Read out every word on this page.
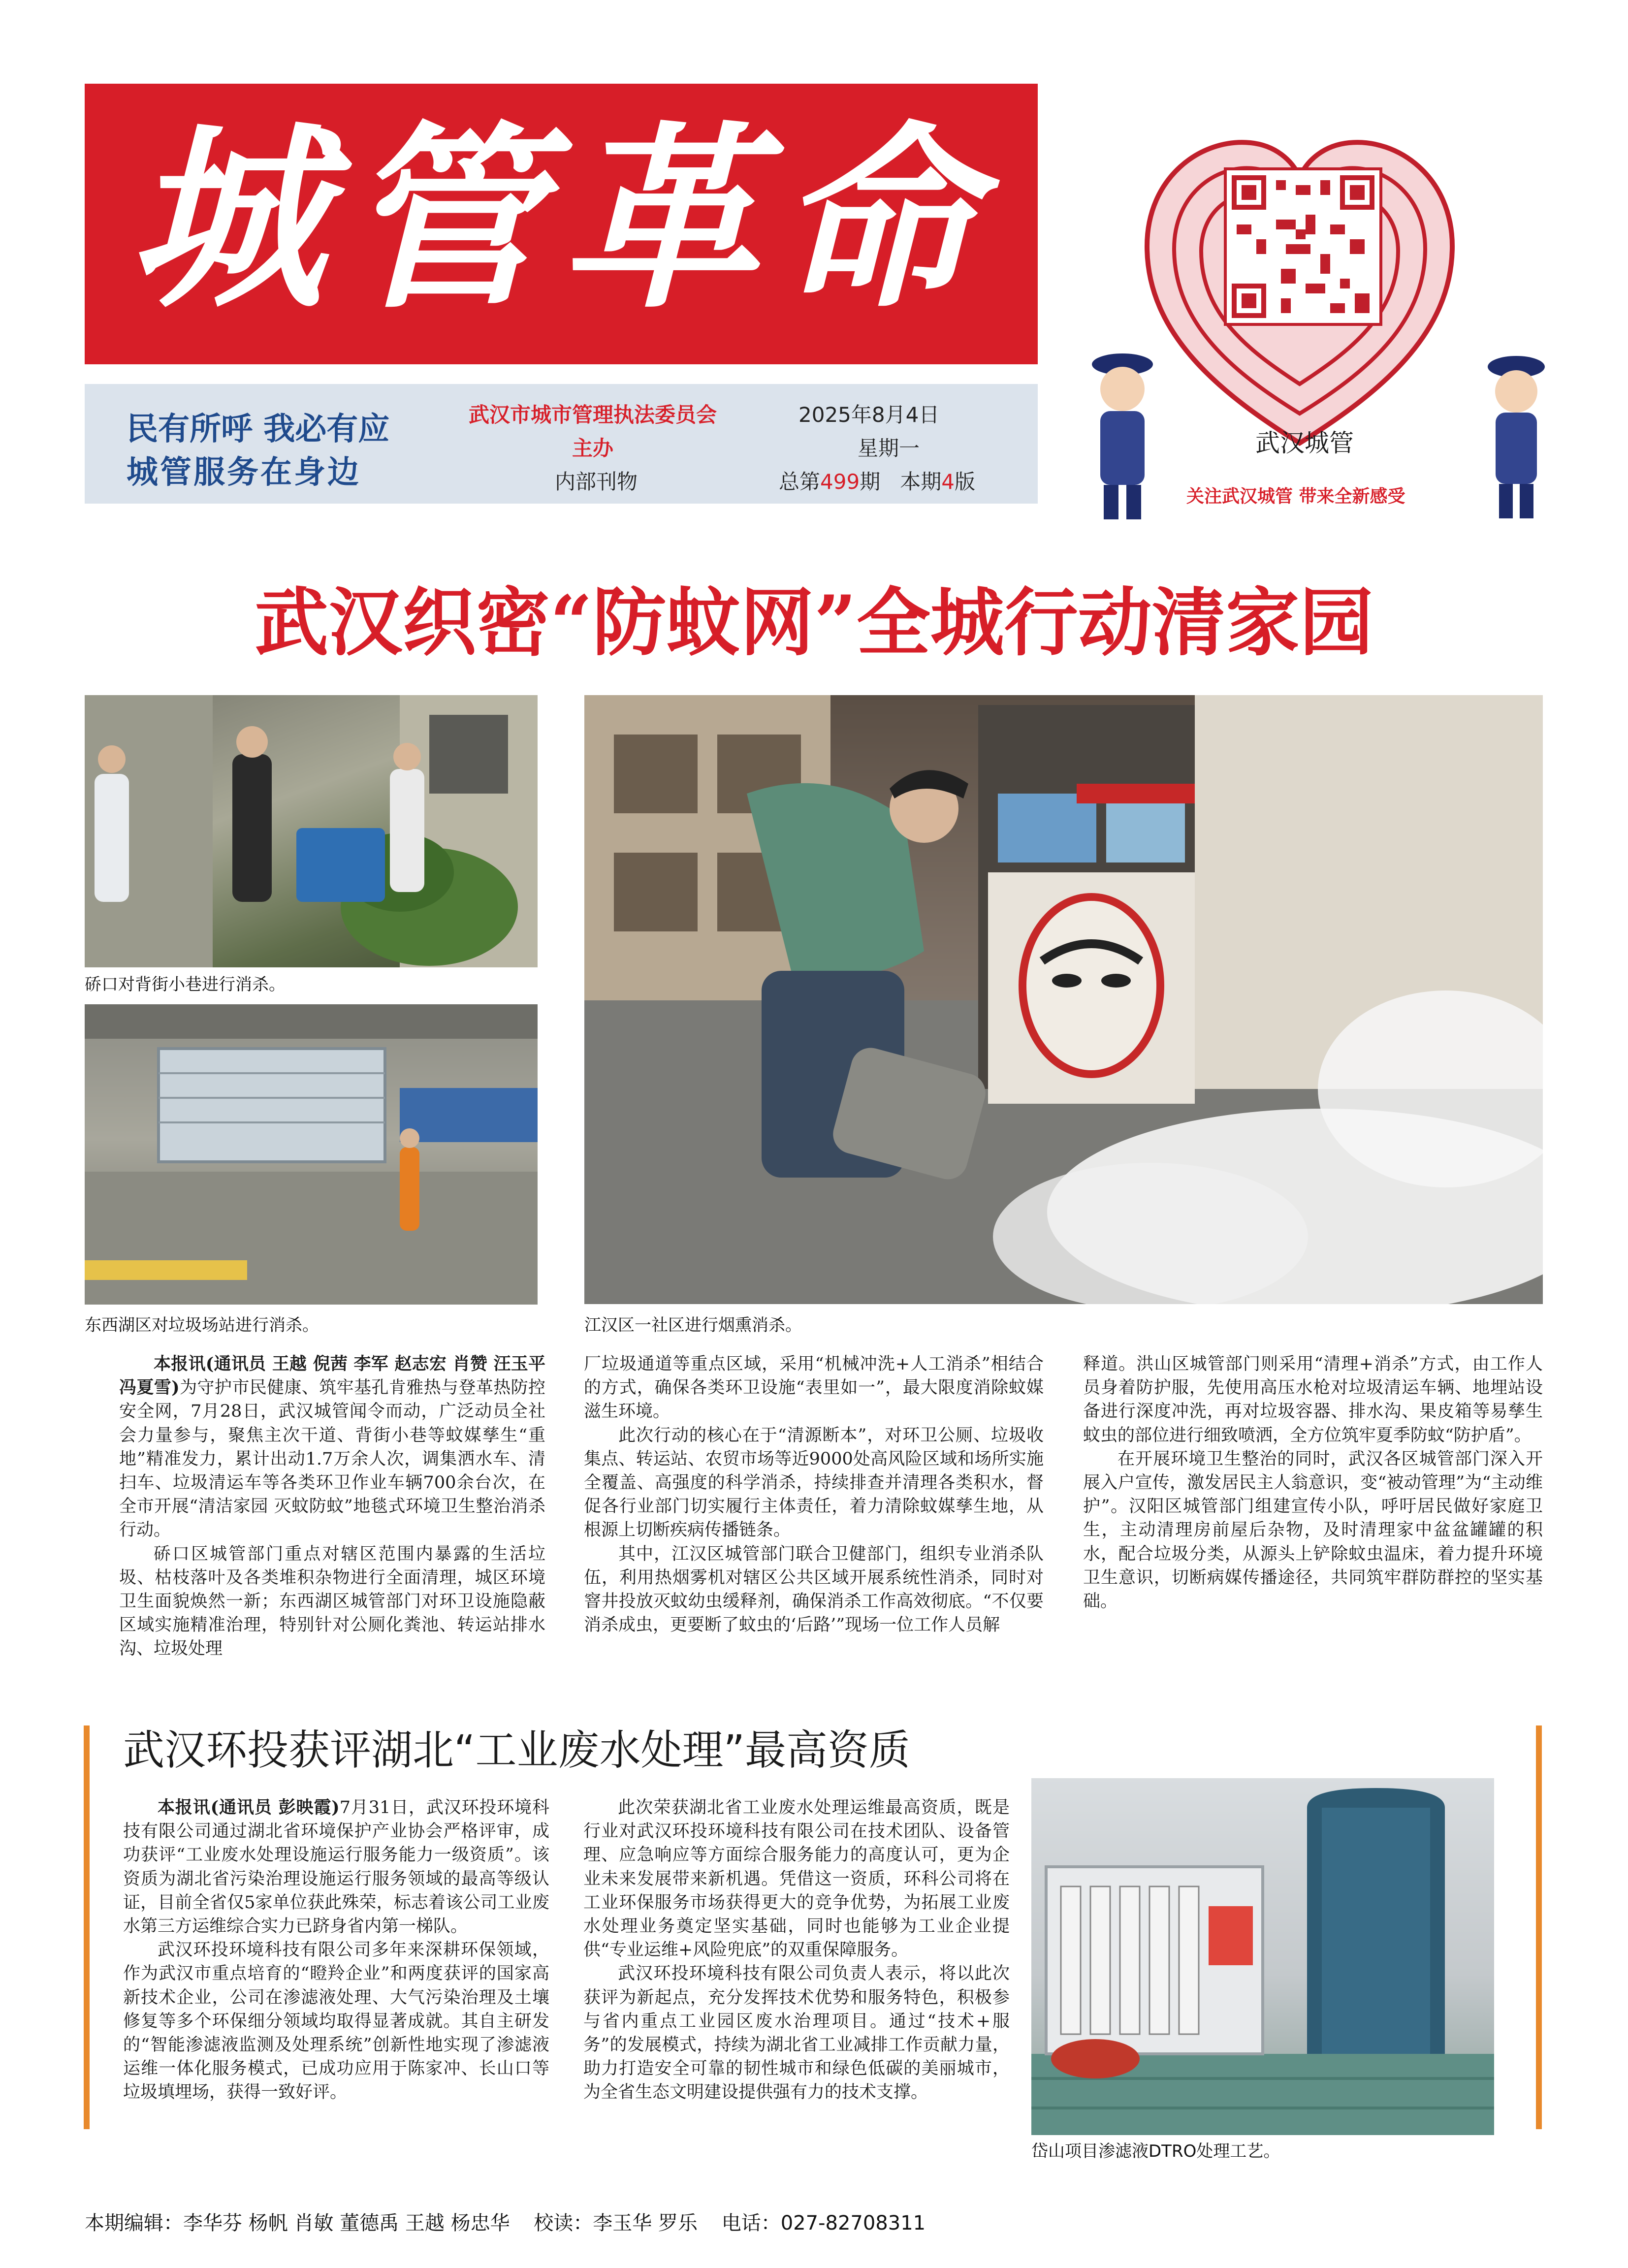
城管革命
民有所呼 我必有应
城管服务在身边
武汉市城市管理执法委员会
主办
内部刊物
2025年8月4日
星期一
总第499期   本期4版
武汉城管
关注武汉城管 带来全新感受
武汉织密“防蚊网”全城行动清家园
硚口对背街小巷进行消杀。
东西湖区对垃圾场站进行消杀。	江汉区一社区进行烟熏消杀。

本报讯(通讯员 王越 倪茜 李军 赵志宏 肖赞 汪玉平 冯夏雪)为守护市民健康、筑牢基孔肯雅热与登革热防控安全网，7月28日，武汉城管闻令而动，广泛动员全社会力量参与，聚焦主次干道、背街小巷等蚊媒孳生“重地”精准发力，累计出动1.7万余人次，调集洒水车、清扫车、垃圾清运车等各类环卫作业车辆700余台次，在全市开展“清洁家园 灭蚊防蚊”地毯式环境卫生整治消杀行动。

硚口区城管部门重点对辖区范围内暴露的生活垃圾、枯枝落叶及各类堆积杂物进行全面清理，城区环境卫生面貌焕然一新；东西湖区城管部门对环卫设施隐蔽区域实施精准治理，特别针对公厕化粪池、转运站排水沟、垃圾处理

厂垃圾通道等重点区域，采用“机械冲洗+人工消杀”相结合的方式，确保各类环卫设施“表里如一”，最大限度消除蚊媒滋生环境。

此次行动的核心在于“清源断本”，对环卫公厕、垃圾收集点、转运站、农贸市场等近9000处高风险区域和场所实施全覆盖、高强度的科学消杀，持续排查并清理各类积水，督促各行业部门切实履行主体责任，着力清除蚊媒孳生地，从根源上切断疾病传播链条。

其中，江汉区城管部门联合卫健部门，组织专业消杀队伍，利用热烟雾机对辖区公共区域开展系统性消杀，同时对窨井投放灭蚊幼虫缓释剂，确保消杀工作高效彻底。“不仅要消杀成虫，更要断了蚊虫的‘后路’”现场一位工作人员解

释道。洪山区城管部门则采用“清理+消杀”方式，由工作人员身着防护服，先使用高压水枪对垃圾清运车辆、地埋站设备进行深度冲洗，再对垃圾容器、排水沟、果皮箱等易孳生蚊虫的部位进行细致喷洒，全方位筑牢夏季防蚊“防护盾”。

在开展环境卫生整治的同时，武汉各区城管部门深入开展入户宣传，激发居民主人翁意识，变“被动管理”为“主动维护”。汉阳区城管部门组建宣传小队，呼吁居民做好家庭卫生，主动清理房前屋后杂物，及时清理家中盆盆罐罐的积水，配合垃圾分类，从源头上铲除蚊虫温床，着力提升环境卫生意识，切断病媒传播途径，共同筑牢群防群控的坚实基础。

武汉环投获评湖北“工业废水处理”最高资质

本报讯(通讯员 彭映霞)7月31日，武汉环投环境科技有限公司通过湖北省环境保护产业协会严格评审，成功获评“工业废水处理设施运行服务能力一级资质”。该资质为湖北省污染治理设施运行服务领域的最高等级认证，目前全省仅5家单位获此殊荣，标志着该公司工业废水第三方运维综合实力已跻身省内第一梯队。

武汉环投环境科技有限公司多年来深耕环保领域，作为武汉市重点培育的“瞪羚企业”和两度获评的国家高新技术企业，公司在渗滤液处理、大气污染治理及土壤修复等多个环保细分领域均取得显著成就。其自主研发的“智能渗滤液监测及处理系统”创新性地实现了渗滤液运维一体化服务模式，已成功应用于陈家冲、长山口等垃圾填埋场，获得一致好评。

此次荣获湖北省工业废水处理运维最高资质，既是行业对武汉环投环境科技有限公司在技术团队、设备管理、应急响应等方面综合服务能力的高度认可，更为企业未来发展带来新机遇。凭借这一资质，环科公司将在工业环保服务市场获得更大的竞争优势，为拓展工业废水处理业务奠定坚实基础，同时也能够为工业企业提供“专业运维+风险兜底”的双重保障服务。

武汉环投环境科技有限公司负责人表示，将以此次获评为新起点，充分发挥技术优势和服务特色，积极参与省内重点工业园区废水治理项目。通过“技术+服务”的发展模式，持续为湖北省工业减排工作贡献力量，助力打造安全可靠的韧性城市和绿色低碳的美丽城市，为全省生态文明建设提供强有力的技术支撑。

岱山项目渗滤液DTRO处理工艺。
本期编辑：李华芬 杨帆 肖敏 董德禹 王越 杨忠华 校读：李玉华 罗乐 电话：027-82708311
